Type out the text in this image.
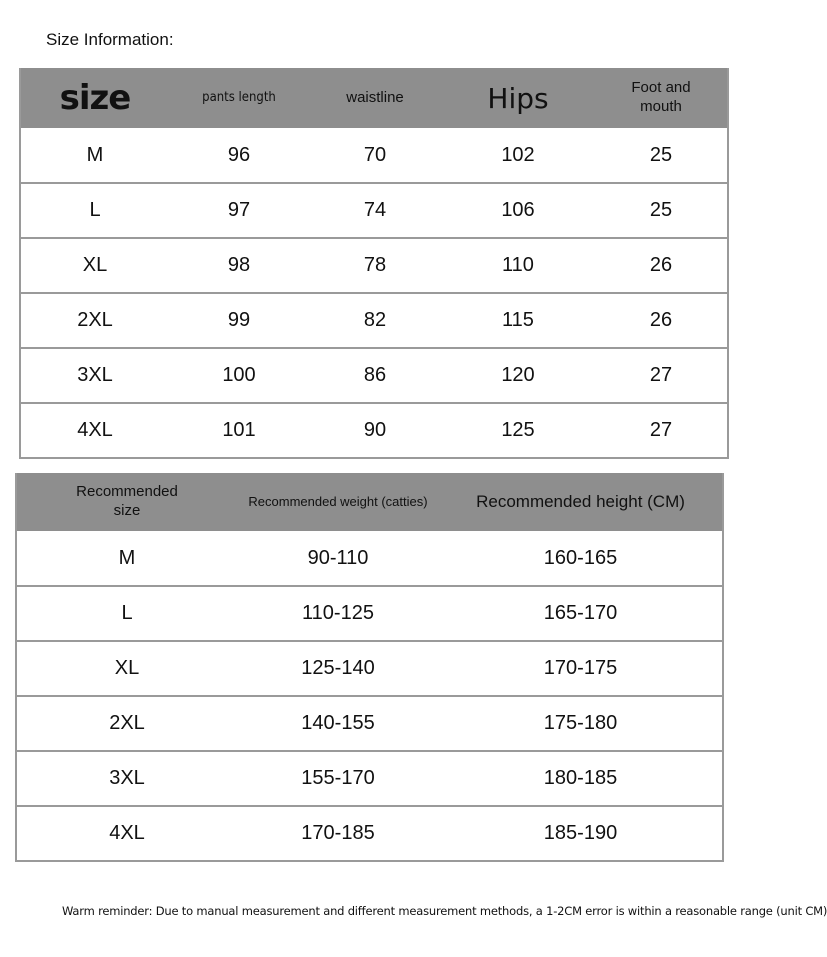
Size Information:
size	pants length	waistline	Hips	Foot and mouth
M	96	70	102	25
L	97	74	106	25
XL	98	78	110	26
2XL	99	82	115	26
3XL	100	86	120	27
4XL	101	90	125	27
Recommended size	Recommended weight (catties)	Recommended height (CM)
M	90-110	160-165
L	110-125	165-170
XL	125-140	170-175
2XL	140-155	175-180
3XL	155-170	180-185
4XL	170-185	185-190
Warm reminder: Due to manual measurement and different measurement methods, a 1-2CM error is within a reasonable range (unit CM)
